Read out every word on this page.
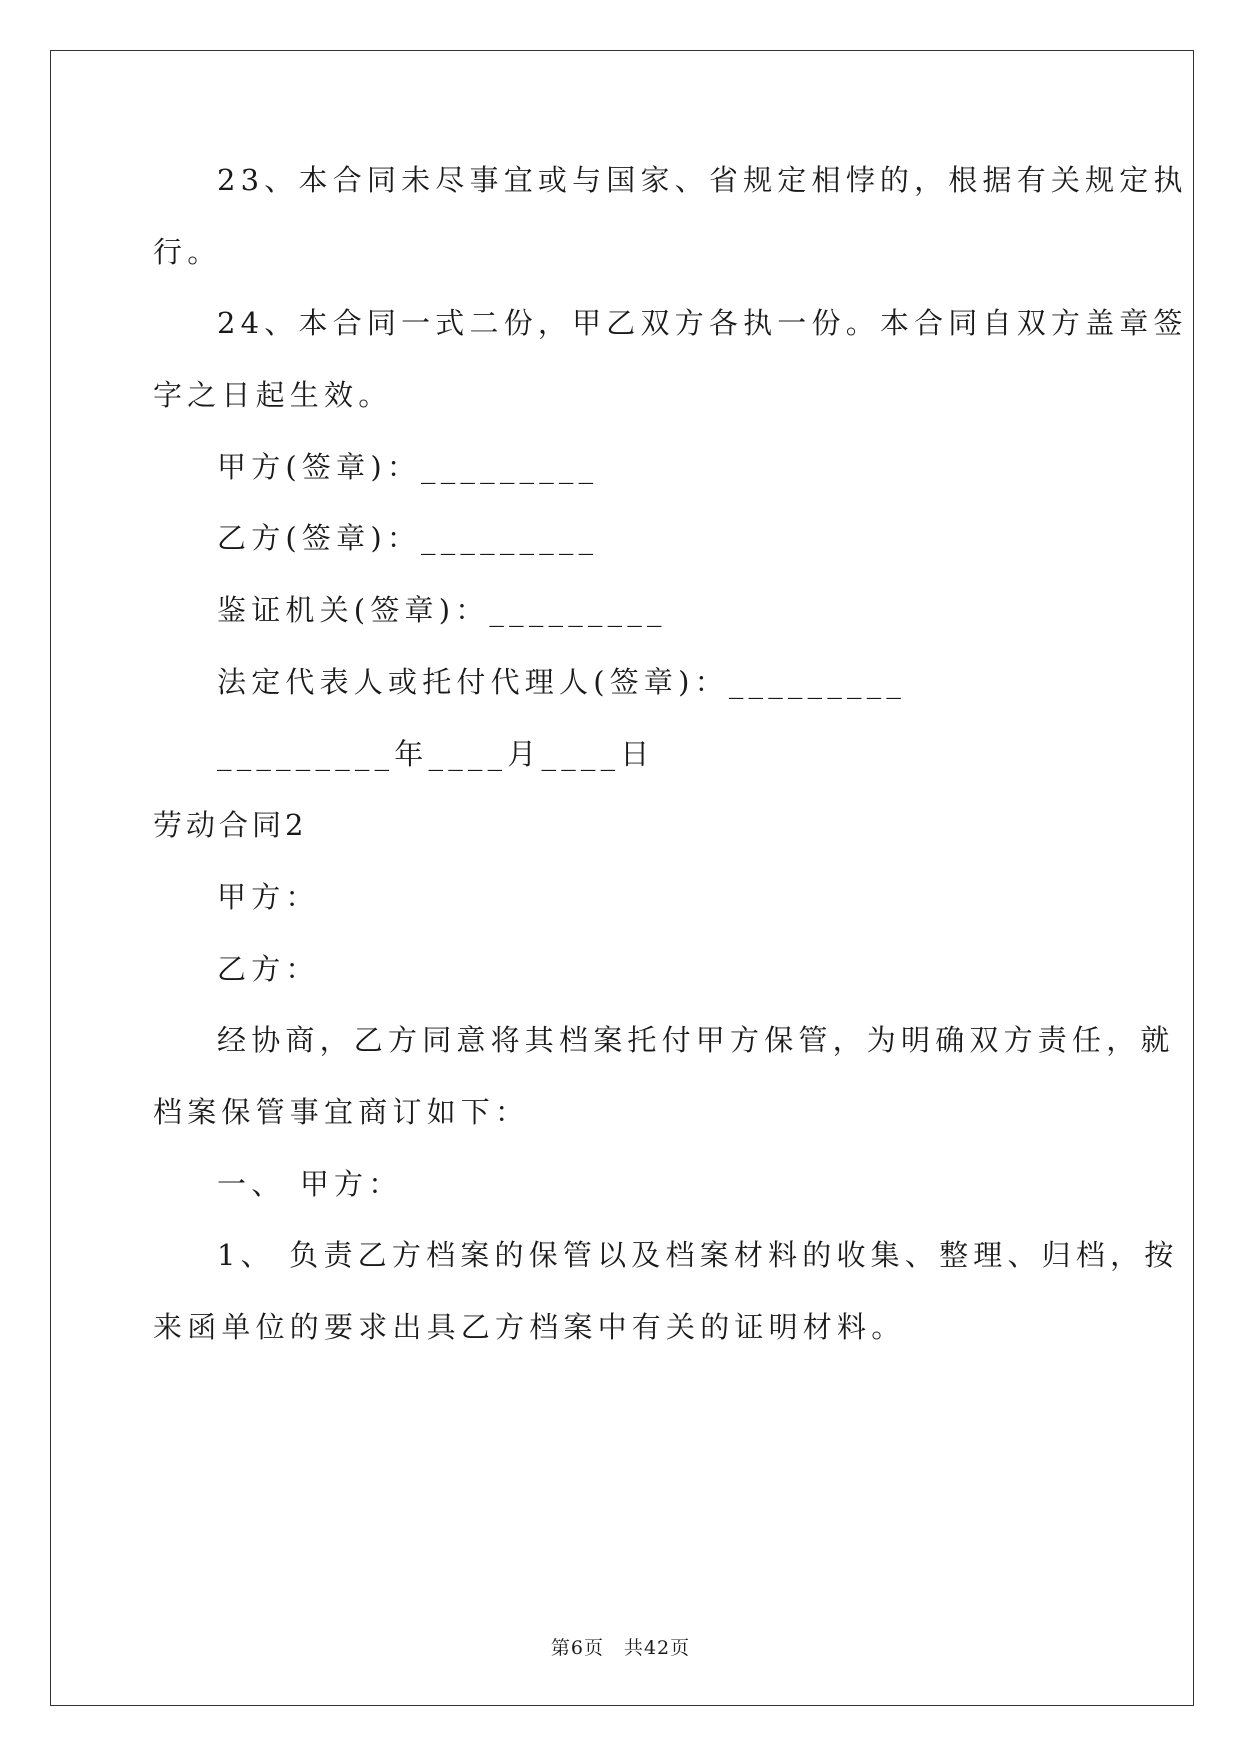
23、本合同未尽事宜或与国家、省规定相悖的，根据有关规定执
行。
24、本合同一式二份，甲乙双方各执一份。本合同自双方盖章签
字之日起生效。
甲方(签章)：_________
乙方(签章)：_________
鉴证机关(签章)：_________
法定代表人或托付代理人(签章)：_________
_________年____月____日
劳动合同2
甲方：
乙方：
经协商，乙方同意将其档案托付甲方保管，为明确双方责任，就
档案保管事宜商订如下：
一、 甲方：
1、 负责乙方档案的保管以及档案材料的收集、整理、归档，按
来函单位的要求出具乙方档案中有关的证明材料。
第6页 共42页
